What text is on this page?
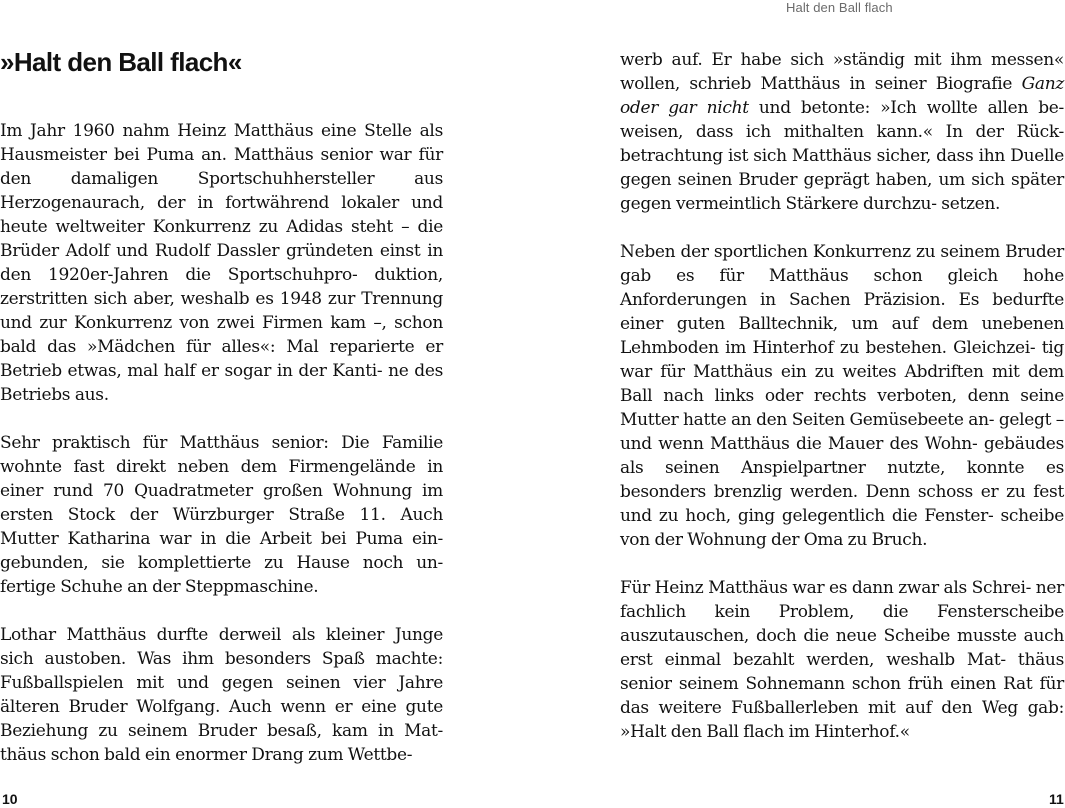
Halt den Ball flach
»Halt den Ball flach«

Im Jahr 1960 nahm Heinz Matthäus eine Stelle als Hausmeister bei Puma an. Matthäus senior war für den damaligen Sportschuhhersteller aus Herzogenaurach, der in fortwährend lokaler und heute weltweiter Konkurrenz zu Adidas steht – die Brüder Adolf und Rudolf Dassler gründeten einst in den 1920er-Jahren die Sportschuhpro- duktion, zerstritten sich aber, weshalb es 1948 zur Trennung und zur Konkurrenz von zwei Firmen kam –, schon bald das »Mädchen für alles«: Mal reparierte er Betrieb etwas, mal half er sogar in der Kanti- ne des Betriebs aus.

Sehr praktisch für Matthäus senior: Die Familie wohnte fast direkt neben dem Firmengelände in einer rund 70 Quadratmeter großen Wohnung im ersten Stock der Würzburger Straße 11. Auch Mutter Katharina war in die Arbeit bei Puma ein- gebunden, sie komplettierte zu Hause noch un- fertige Schuhe an der Steppmaschine.

Lothar Matthäus durfte derweil als kleiner Junge sich austoben. Was ihm besonders Spaß machte: Fußballspielen mit und gegen seinen vier Jahre älteren Bruder Wolfgang. Auch wenn er eine gute Beziehung zu seinem Bruder besaß, kam in Mat- thäus schon bald ein enormer Drang zum Wettbe-

werb auf. Er habe sich »ständig mit ihm messen« wollen, schrieb Matthäus in seiner Biografie Ganz oder gar nicht und betonte: »Ich wollte allen be- weisen, dass ich mithalten kann.« In der Rück- betrachtung ist sich Matthäus sicher, dass ihn Duelle gegen seinen Bruder geprägt haben, um sich später gegen vermeintlich Stärkere durchzu- setzen.

Neben der sportlichen Konkurrenz zu seinem Bruder gab es für Matthäus schon gleich hohe Anforderungen in Sachen Präzision. Es bedurfte einer guten Balltechnik, um auf dem unebenen Lehmboden im Hinterhof zu bestehen. Gleichzei- tig war für Matthäus ein zu weites Abdriften mit dem Ball nach links oder rechts verboten, denn seine Mutter hatte an den Seiten Gemüsebeete an- gelegt – und wenn Matthäus die Mauer des Wohn- gebäudes als seinen Anspielpartner nutzte, konnte es besonders brenzlig werden. Denn schoss er zu fest und zu hoch, ging gelegentlich die Fenster- scheibe von der Wohnung der Oma zu Bruch.

Für Heinz Matthäus war es dann zwar als Schrei- ner fachlich kein Problem, die Fensterscheibe auszutauschen, doch die neue Scheibe musste auch erst einmal bezahlt werden, weshalb Mat- thäus senior seinem Sohnemann schon früh einen Rat für das weitere Fußballerleben mit auf den Weg gab: »Halt den Ball flach im Hinterhof.«

10	11
